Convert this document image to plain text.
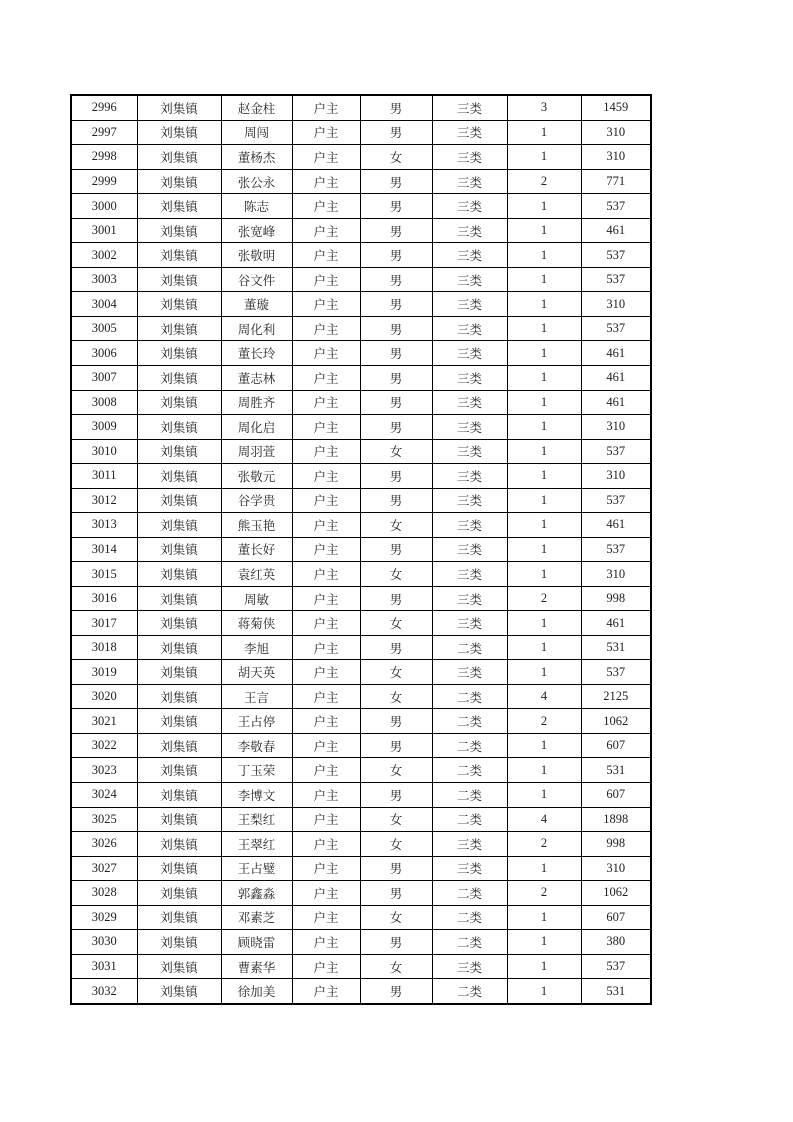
2996	刘集镇	赵金柱	户主	男	三类	3	1459
2997	刘集镇	周闯	户主	男	三类	1	310
2998	刘集镇	董杨杰	户主	女	三类	1	310
2999	刘集镇	张公永	户主	男	三类	2	771
3000	刘集镇	陈志	户主	男	三类	1	537
3001	刘集镇	张宽峰	户主	男	三类	1	461
3002	刘集镇	张敬明	户主	男	三类	1	537
3003	刘集镇	谷文件	户主	男	三类	1	537
3004	刘集镇	董璇	户主	男	三类	1	310
3005	刘集镇	周化利	户主	男	三类	1	537
3006	刘集镇	董长玲	户主	男	三类	1	461
3007	刘集镇	董志林	户主	男	三类	1	461
3008	刘集镇	周胜齐	户主	男	三类	1	461
3009	刘集镇	周化启	户主	男	三类	1	310
3010	刘集镇	周羽萱	户主	女	三类	1	537
3011	刘集镇	张敬元	户主	男	三类	1	310
3012	刘集镇	谷学贵	户主	男	三类	1	537
3013	刘集镇	熊玉艳	户主	女	三类	1	461
3014	刘集镇	董长好	户主	男	三类	1	537
3015	刘集镇	袁红英	户主	女	三类	1	310
3016	刘集镇	周敏	户主	男	三类	2	998
3017	刘集镇	蒋菊侠	户主	女	三类	1	461
3018	刘集镇	李旭	户主	男	二类	1	531
3019	刘集镇	胡天英	户主	女	三类	1	537
3020	刘集镇	王言	户主	女	二类	4	2125
3021	刘集镇	王占停	户主	男	二类	2	1062
3022	刘集镇	李敬春	户主	男	二类	1	607
3023	刘集镇	丁玉荣	户主	女	二类	1	531
3024	刘集镇	李博文	户主	男	二类	1	607
3025	刘集镇	王梨红	户主	女	二类	4	1898
3026	刘集镇	王翠红	户主	女	三类	2	998
3027	刘集镇	王占璧	户主	男	三类	1	310
3028	刘集镇	郭鑫淼	户主	男	二类	2	1062
3029	刘集镇	邓素芝	户主	女	二类	1	607
3030	刘集镇	顾晓雷	户主	男	二类	1	380
3031	刘集镇	曹素华	户主	女	三类	1	537
3032	刘集镇	徐加美	户主	男	二类	1	531
